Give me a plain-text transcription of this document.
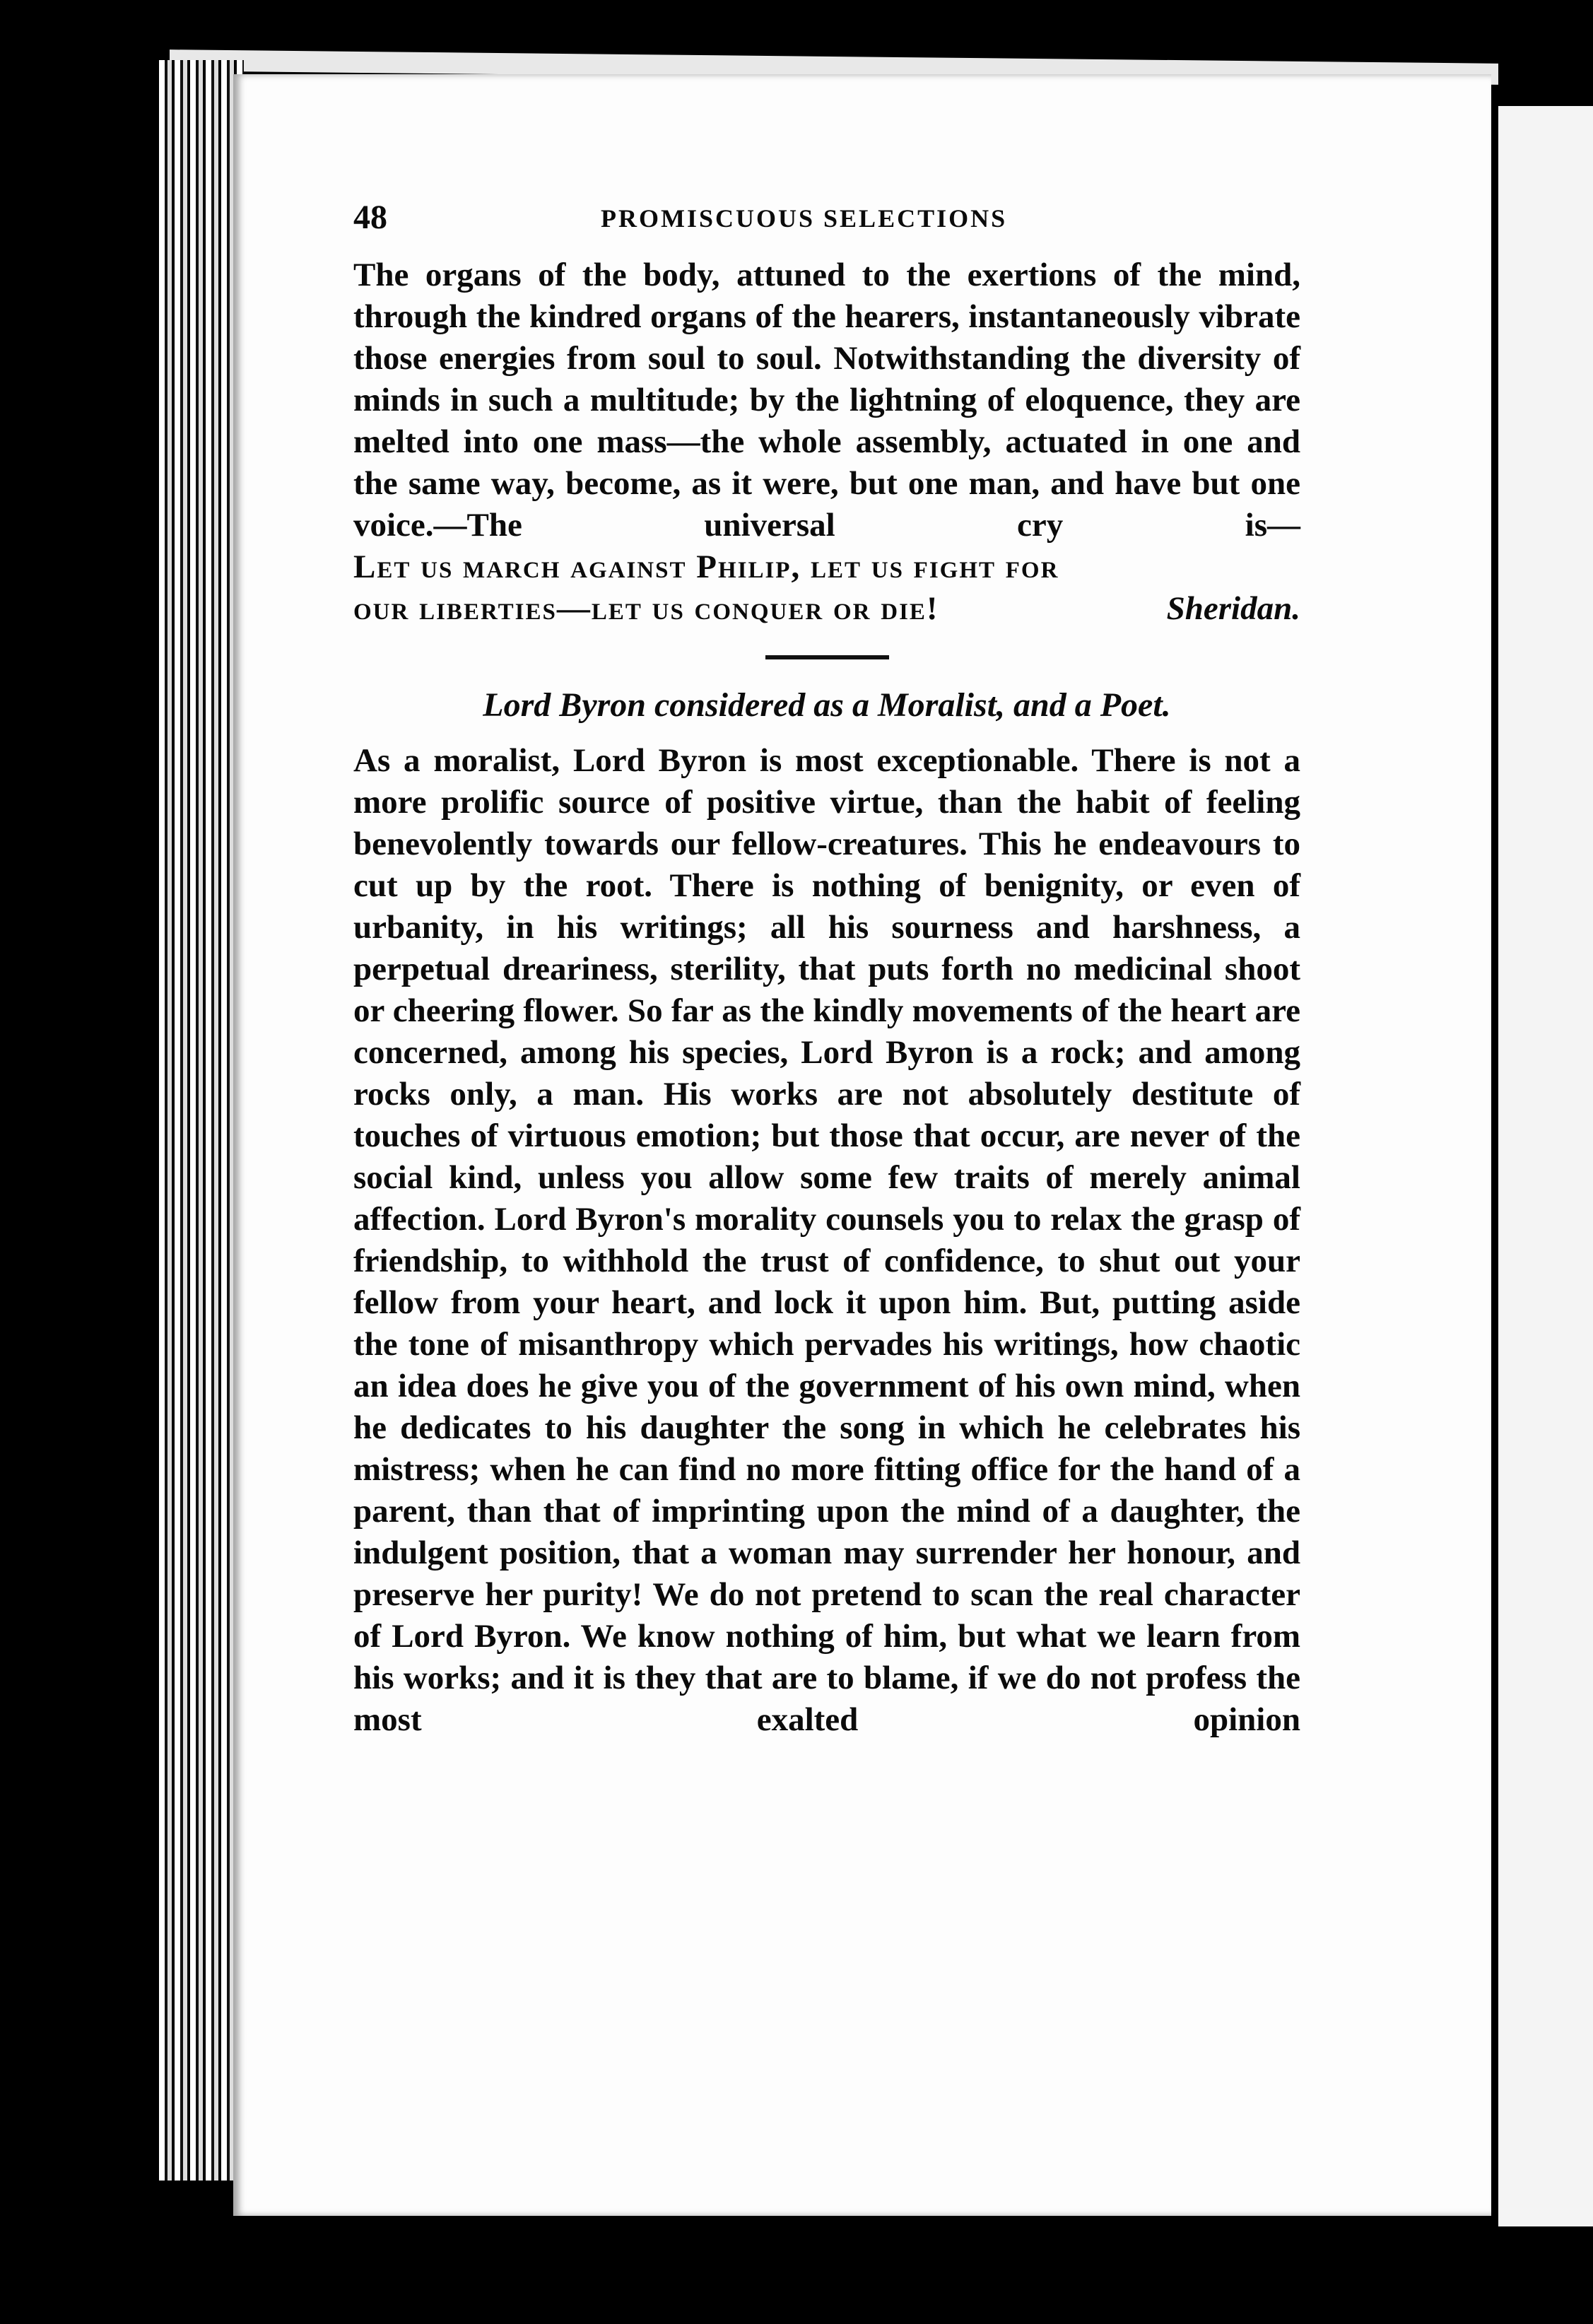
48	PROMISCUOUS SELECTIONS

The organs of the body, attuned to the exertions of the mind, through the kindred organs of the hearers, instantaneously vibrate those energies from soul to soul. Notwithstanding the diversity of minds in such a multitude; by the lightning of eloquence, they are melted into one mass—the whole assembly, actuated in one and the same way, become, as it were, but one man, and have but one voice.—The universal cry is—

Let us march against Philip, let us fight for
our liberties—let us conquer or die!	Sheridan.
Lord Byron considered as a Moralist, and a Poet.

As a moralist, Lord Byron is most exceptionable. There is not a more prolific source of positive virtue, than the habit of feeling benevolently towards our fellow-creatures. This he endeavours to cut up by the root. There is nothing of benignity, or even of urbanity, in his writings; all his sourness and harshness, a perpetual dreariness, sterility, that puts forth no medicinal shoot or cheering flower. So far as the kindly movements of the heart are concerned, among his species, Lord Byron is a rock; and among rocks only, a man. His works are not absolutely destitute of touches of virtuous emotion; but those that occur, are never of the social kind, unless you allow some few traits of merely animal affection. Lord Byron's morality counsels you to relax the grasp of friendship, to withhold the trust of confidence, to shut out your fellow from your heart, and lock it upon him. But, putting aside the tone of misanthropy which pervades his writings, how chaotic an idea does he give you of the government of his own mind, when he dedicates to his daughter the song in which he celebrates his mistress; when he can find no more fitting office for the hand of a parent, than that of imprinting upon the mind of a daughter, the indulgent position, that a woman may surrender her honour, and preserve her purity! We do not pretend to scan the real character of Lord Byron. We know nothing of him, but what we learn from his works; and it is they that are to blame, if we do not profess the most exalted opinion
